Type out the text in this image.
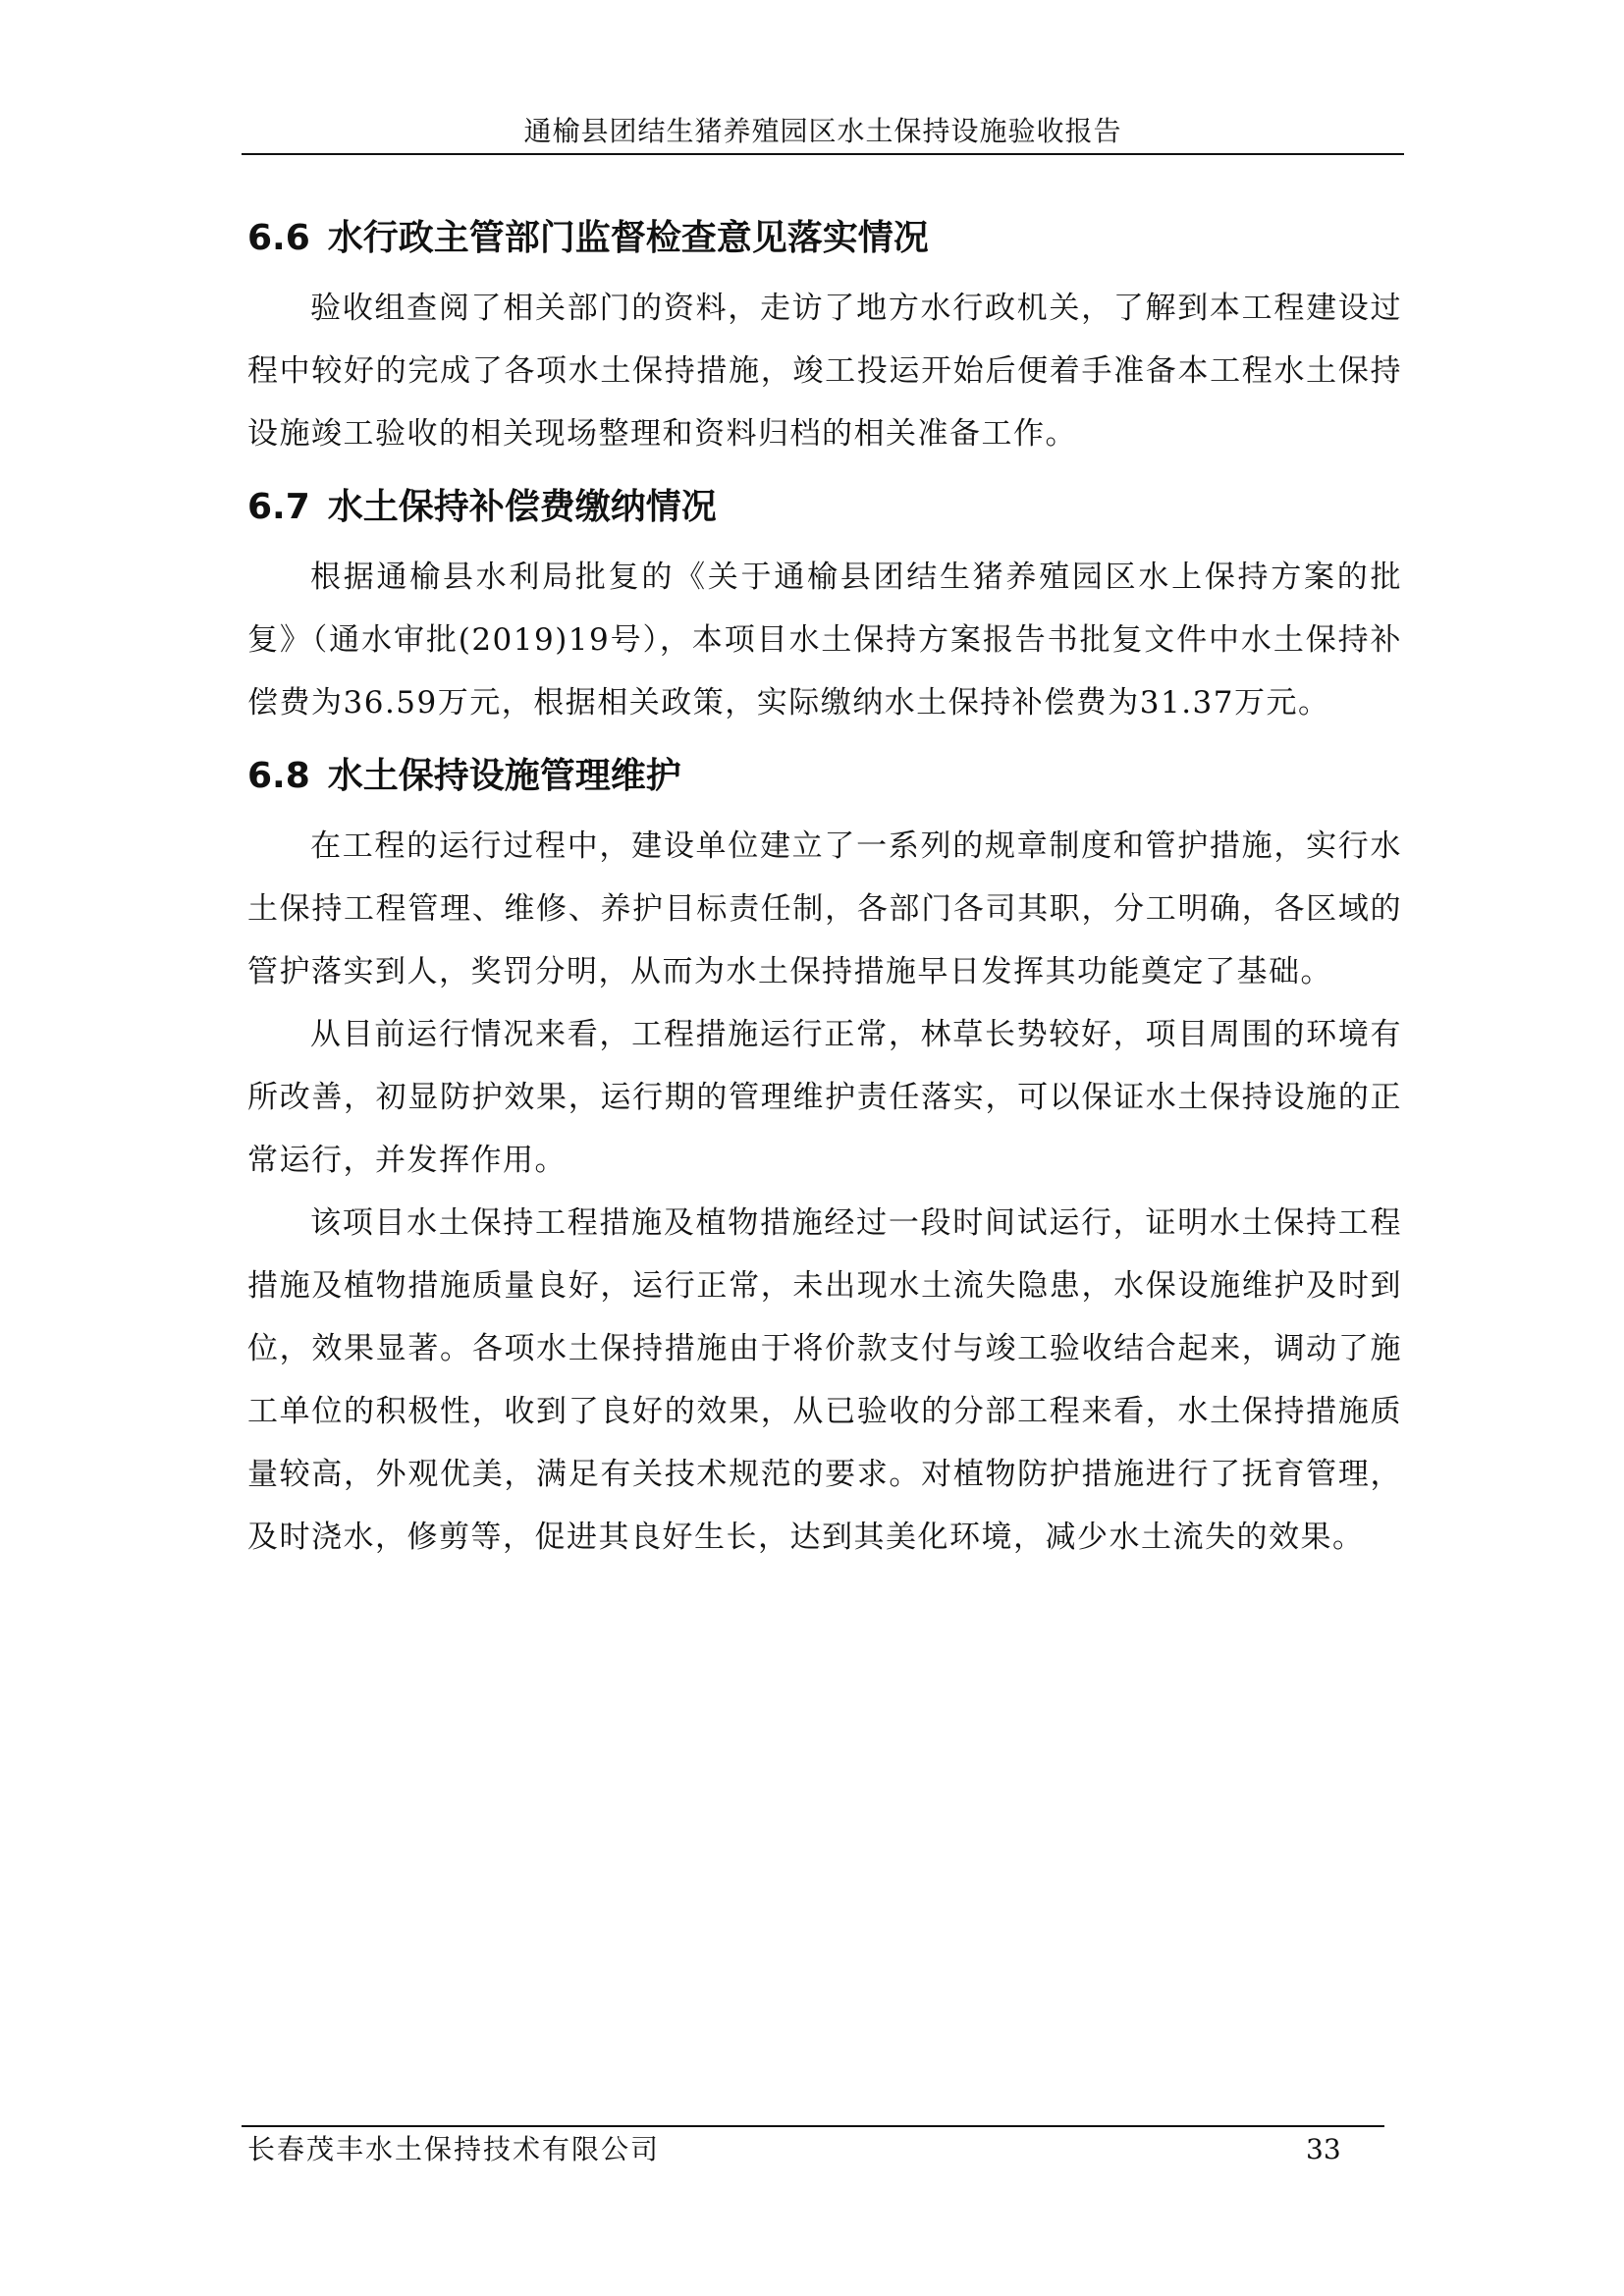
通榆县团结生猪养殖园区水土保持设施验收报告
6.6 水行政主管部门监督检查意见落实情况

验收组查阅了相关部门的资料，走访了地方水行政机关，了解到本工程建设过程中较好的完成了各项水土保持措施，竣工投运开始后便着手准备本工程水土保持设施竣工验收的相关现场整理和资料归档的相关准备工作。

6.7 水土保持补偿费缴纳情况

根据通榆县水利局批复的《关于通榆县团结生猪养殖园区水上保持方案的批复》（通水审批(2019)19号），本项目水土保持方案报告书批复文件中水土保持补偿费为36.59万元，根据相关政策，实际缴纳水土保持补偿费为31.37万元。

6.8 水土保持设施管理维护

在工程的运行过程中，建设单位建立了一系列的规章制度和管护措施，实行水土保持工程管理、维修、养护目标责任制，各部门各司其职，分工明确，各区域的管护落实到人，奖罚分明，从而为水土保持措施早日发挥其功能奠定了基础。

从目前运行情况来看，工程措施运行正常，林草长势较好，项目周围的环境有所改善，初显防护效果，运行期的管理维护责任落实，可以保证水土保持设施的正常运行，并发挥作用。

该项目水土保持工程措施及植物措施经过一段时间试运行，证明水土保持工程措施及植物措施质量良好，运行正常，未出现水土流失隐患，水保设施维护及时到位，效果显著。各项水土保持措施由于将价款支付与竣工验收结合起来，调动了施工单位的积极性，收到了良好的效果，从已验收的分部工程来看，水土保持措施质量较高，外观优美，满足有关技术规范的要求。对植物防护措施进行了抚育管理，及时浇水，修剪等，促进其良好生长，达到其美化环境，减少水土流失的效果。

长春茂丰水土保持技术有限公司	33
